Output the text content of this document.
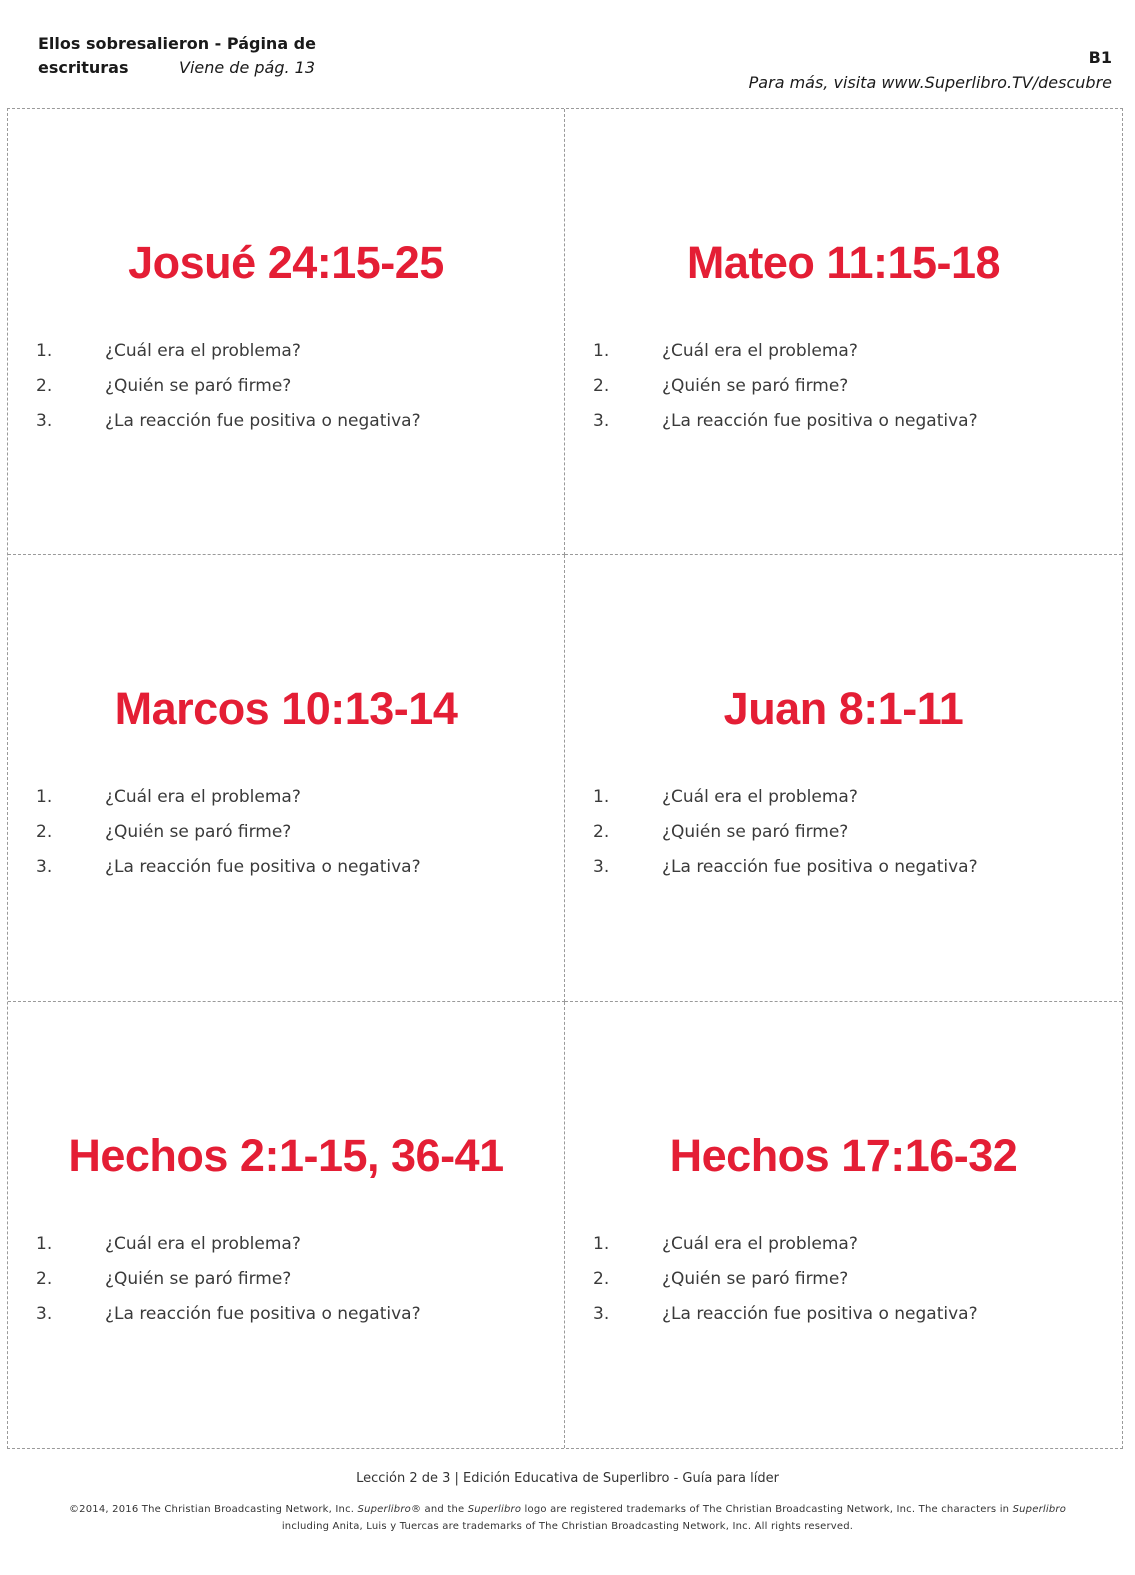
Ellos sobresalieron - Página de escrituras	Viene de pág. 13
B1
Para más, visita www.Superlibro.TV/descubre
Josué 24:15-25
1.	¿Cuál era el problema?
2.	¿Quién se paró firme?
3.	¿La reacción fue positiva o negativa?
Mateo 11:15-18
1.	¿Cuál era el problema?
2.	¿Quién se paró firme?
3.	¿La reacción fue positiva o negativa?
Marcos 10:13-14
1.	¿Cuál era el problema?
2.	¿Quién se paró firme?
3.	¿La reacción fue positiva o negativa?
Juan 8:1-11
1.	¿Cuál era el problema?
2.	¿Quién se paró firme?
3.	¿La reacción fue positiva o negativa?
Hechos 2:1-15, 36-41
1.	¿Cuál era el problema?
2.	¿Quién se paró firme?
3.	¿La reacción fue positiva o negativa?
Hechos 17:16-32
1.	¿Cuál era el problema?
2.	¿Quién se paró firme?
3.	¿La reacción fue positiva o negativa?
Lección 2 de 3 | Edición Educativa de Superlibro - Guía para líder
©2014, 2016 The Christian Broadcasting Network, Inc. Superlibro® and the Superlibro logo are registered trademarks of The Christian Broadcasting Network, Inc. The characters in Superlibro including Anita, Luis y Tuercas are trademarks of The Christian Broadcasting Network, Inc. All rights reserved.
